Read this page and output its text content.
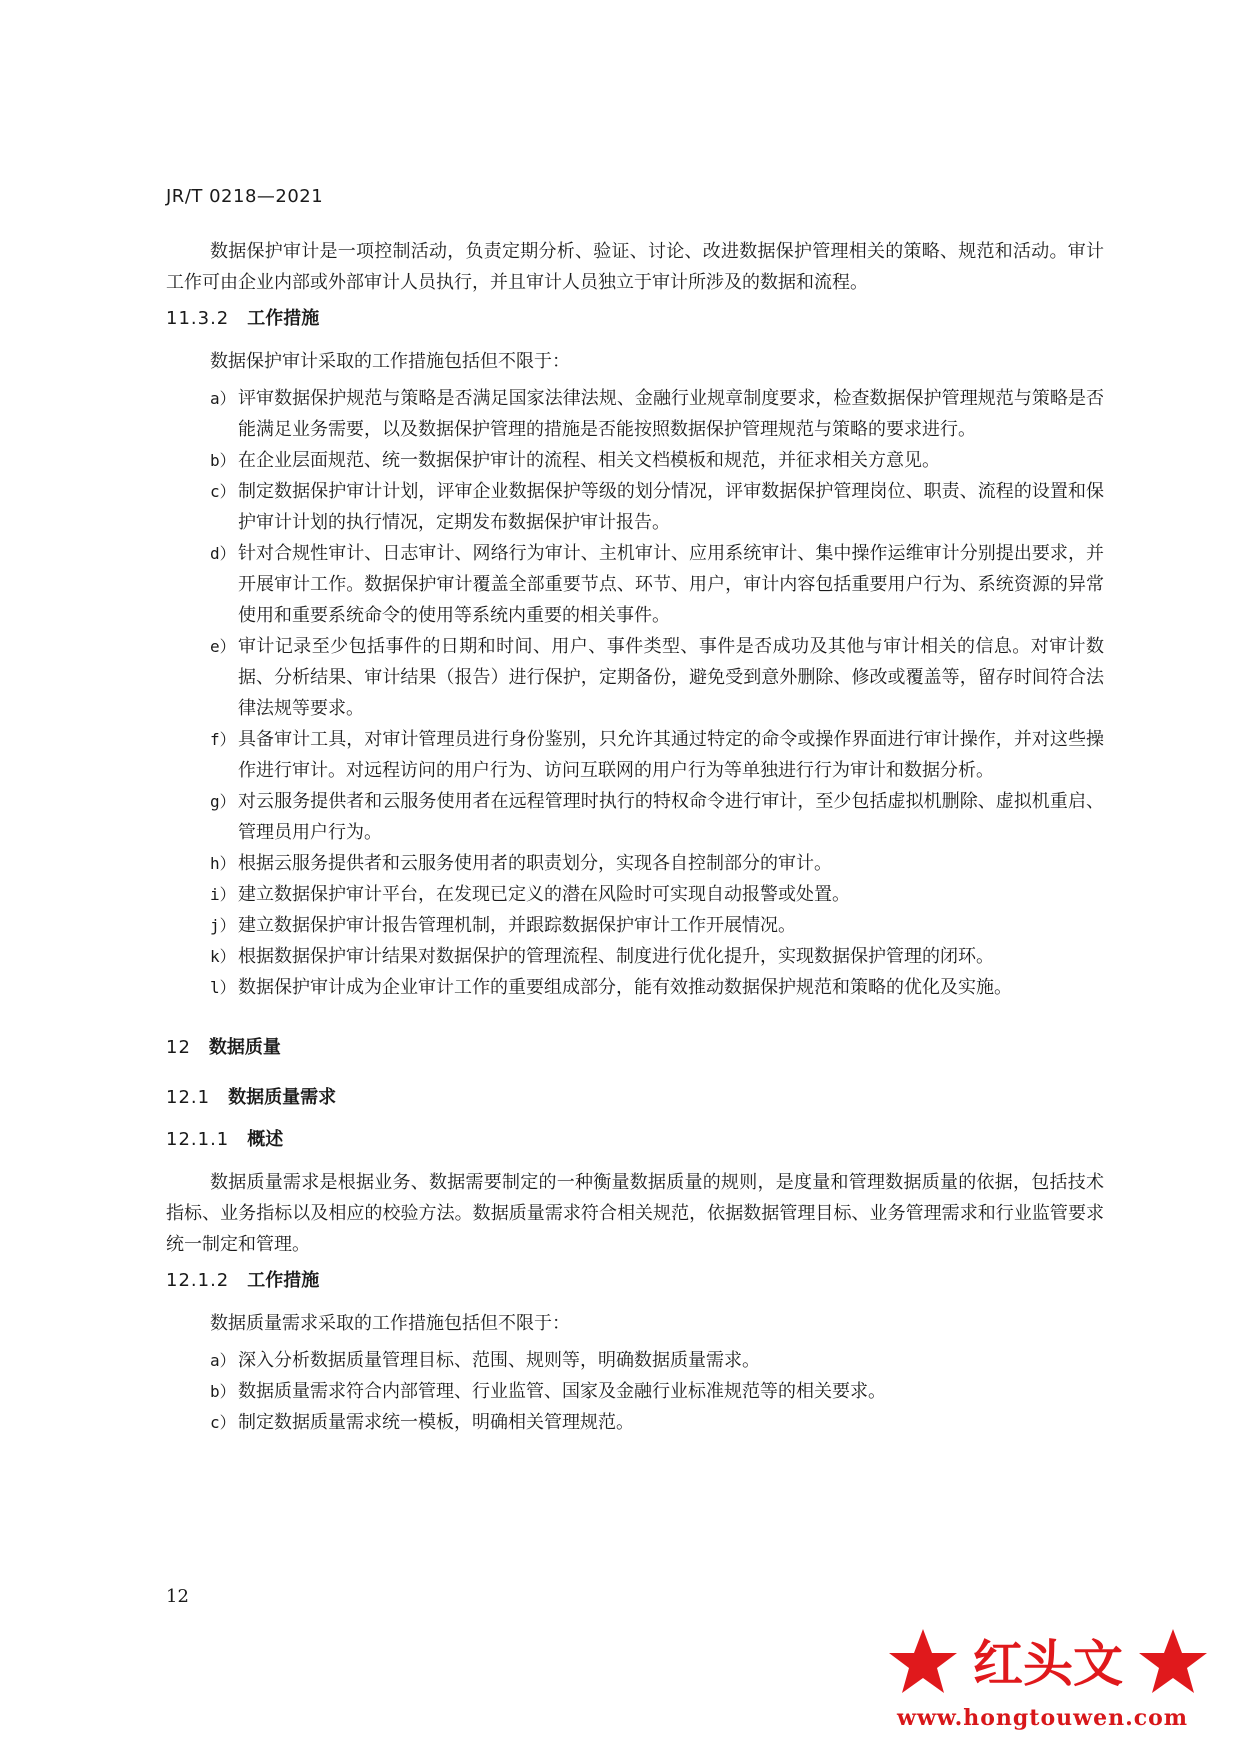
JR/T 0218—2021

数据保护审计是一项控制活动，负责定期分析、验证、讨论、改进数据保护管理相关的策略、规范和活动。审计工作可由企业内部或外部审计人员执行，并且审计人员独立于审计所涉及的数据和流程。

11.3.2 工作措施

数据保护审计采取的工作措施包括但不限于：

a） 评审数据保护规范与策略是否满足国家法律法规、金融行业规章制度要求，检查数据保护管理规范与策略是否能满足业务需要，以及数据保护管理的措施是否能按照数据保护管理规范与策略的要求进行。
b） 在企业层面规范、统一数据保护审计的流程、相关文档模板和规范，并征求相关方意见。
c） 制定数据保护审计计划，评审企业数据保护等级的划分情况，评审数据保护管理岗位、职责、流程的设置和保护审计计划的执行情况，定期发布数据保护审计报告。
d） 针对合规性审计、日志审计、网络行为审计、主机审计、应用系统审计、集中操作运维审计分别提出要求，并开展审计工作。数据保护审计覆盖全部重要节点、环节、用户，审计内容包括重要用户行为、系统资源的异常使用和重要系统命令的使用等系统内重要的相关事件。
e） 审计记录至少包括事件的日期和时间、用户、事件类型、事件是否成功及其他与审计相关的信息。对审计数据、分析结果、审计结果（报告）进行保护，定期备份，避免受到意外删除、修改或覆盖等，留存时间符合法律法规等要求。
f） 具备审计工具，对审计管理员进行身份鉴别，只允许其通过特定的命令或操作界面进行审计操作，并对这些操作进行审计。对远程访问的用户行为、访问互联网的用户行为等单独进行行为审计和数据分析。
g） 对云服务提供者和云服务使用者在远程管理时执行的特权命令进行审计，至少包括虚拟机删除、虚拟机重启、管理员用户行为。
h） 根据云服务提供者和云服务使用者的职责划分，实现各自控制部分的审计。
i） 建立数据保护审计平台，在发现已定义的潜在风险时可实现自动报警或处置。
j） 建立数据保护审计报告管理机制，并跟踪数据保护审计工作开展情况。
k） 根据数据保护审计结果对数据保护的管理流程、制度进行优化提升，实现数据保护管理的闭环。
l） 数据保护审计成为企业审计工作的重要组成部分，能有效推动数据保护规范和策略的优化及实施。
12 数据质量
12.1 数据质量需求
12.1.1 概述

数据质量需求是根据业务、数据需要制定的一种衡量数据质量的规则，是度量和管理数据质量的依据，包括技术指标、业务指标以及相应的校验方法。数据质量需求符合相关规范，依据数据管理目标、业务管理需求和行业监管要求统一制定和管理。

12.1.2 工作措施

数据质量需求采取的工作措施包括但不限于：

a） 深入分析数据质量管理目标、范围、规则等，明确数据质量需求。
b） 数据质量需求符合内部管理、行业监管、国家及金融行业标准规范等的相关要求。
c） 制定数据质量需求统一模板，明确相关管理规范。
12
红头文
www.hongtouwen.com
